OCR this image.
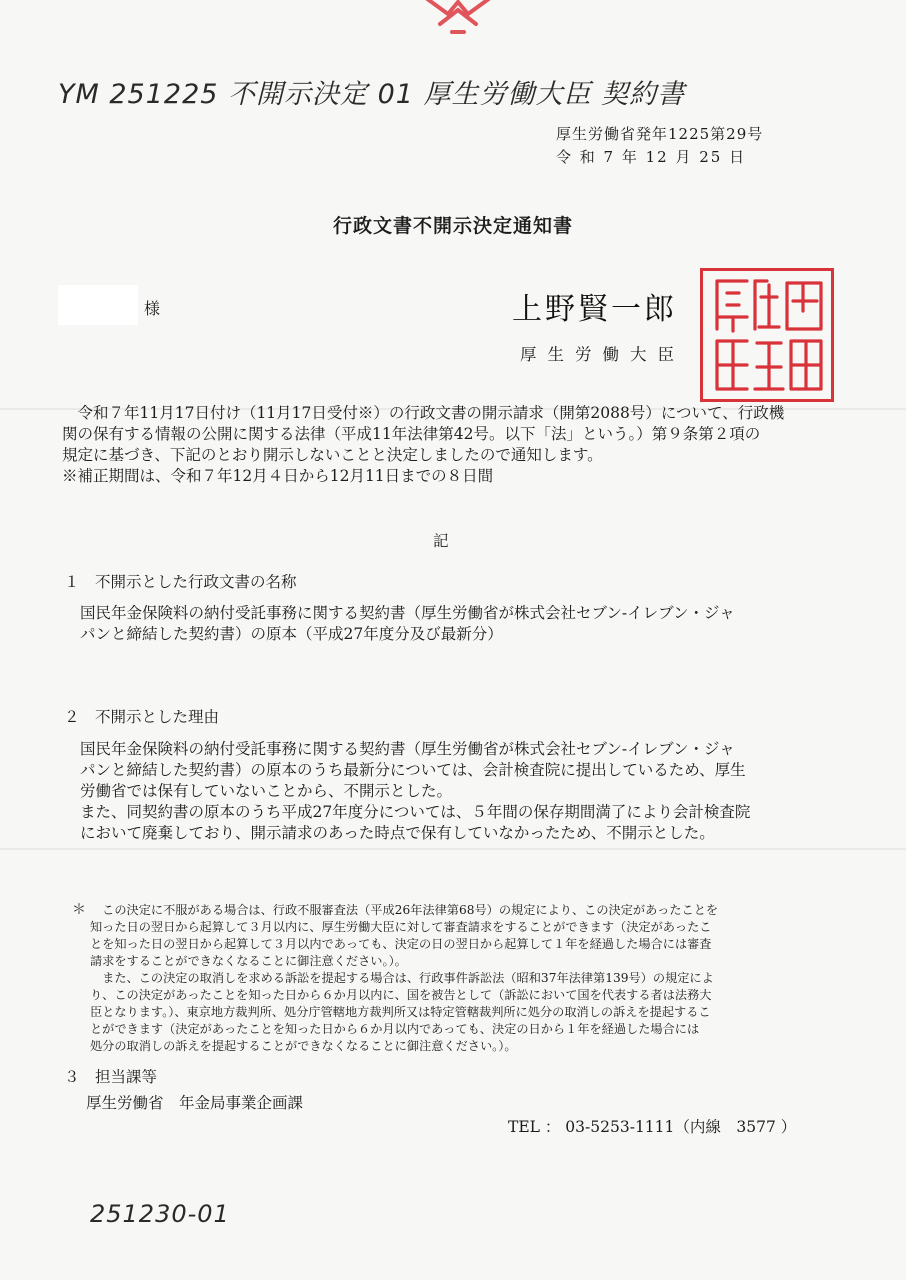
YM 251225 不開示決定 01 厚生労働大臣 契約書
厚生労働省発年1225第29号
令 和 7 年 12 月 25 日
行政文書不開示決定通知書
様	上野賢一郎
厚生労働大臣
　令和７年11月17日付け（11月17日受付※）の行政文書の開示請求（開第2088号）について、行政機
関の保有する情報の公開に関する法律（平成11年法律第42号。以下「法」という。）第９条第２項の
規定に基づき、下記のとおり開示しないことと決定しましたので通知します。
※補正期間は、令和７年12月４日から12月11日までの８日間
記
１　不開示とした行政文書の名称
国民年金保険料の納付受託事務に関する契約書（厚生労働省が株式会社セブン-イレブン・ジャ
パンと締結した契約書）の原本（平成27年度分及び最新分）
２　不開示とした理由
国民年金保険料の納付受託事務に関する契約書（厚生労働省が株式会社セブン-イレブン・ジャ
パンと締結した契約書）の原本のうち最新分については、会計検査院に提出しているため、厚生
労働省では保有していないことから、不開示とした。
また、同契約書の原本のうち平成27年度分については、５年間の保存期間満了により会計検査院
において廃棄しており、開示請求のあった時点で保有していなかったため、不開示とした。
＊ 　この決定に不服がある場合は、行政不服審査法（平成26年法律第68号）の規定により、この決定があったことを
知った日の翌日から起算して３月以内に、厚生労働大臣に対して審査請求をすることができます（決定があったこ
とを知った日の翌日から起算して３月以内であっても、決定の日の翌日から起算して１年を経過した場合には審査
請求をすることができなくなることに御注意ください。）。
　また、この決定の取消しを求める訴訟を提起する場合は、行政事件訴訟法（昭和37年法律第139号）の規定によ
り、この決定があったことを知った日から６か月以内に、国を被告として（訴訟において国を代表する者は法務大
臣となります。）、東京地方裁判所、処分庁管轄地方裁判所又は特定管轄裁判所に処分の取消しの訴えを提起するこ
とができます（決定があったことを知った日から６か月以内であっても、決定の日から１年を経過した場合には
処分の取消しの訴えを提起することができなくなることに御注意ください。）。
３　担当課等
厚生労働省　年金局事業企画課
TEL ： 03-5253-1111（内線　3577 ）
251230-01
